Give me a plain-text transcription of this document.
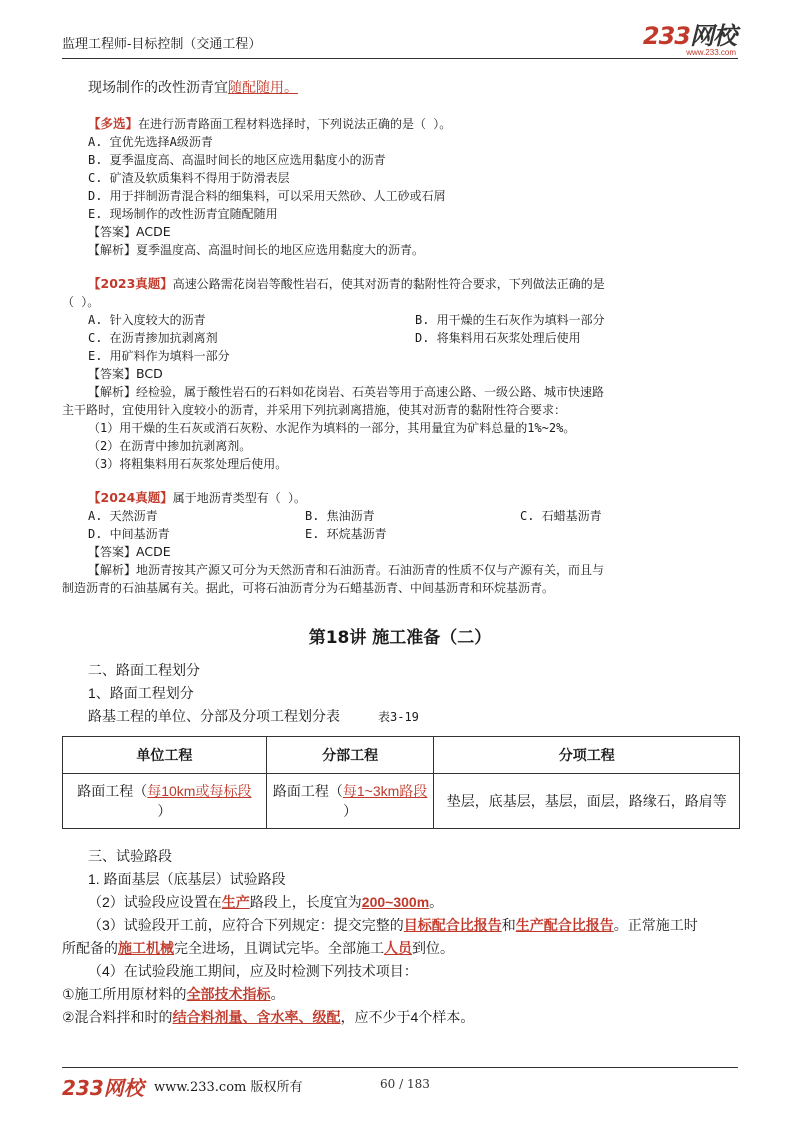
监理工程师-目标控制（交通工程）	233网校
www.233.com
现场制作的改性沥青宜随配随用。
【多选】在进行沥青路面工程材料选择时，下列说法正确的是（ ）。
A. 宜优先选择A级沥青
B. 夏季温度高、高温时间长的地区应选用黏度小的沥青
C. 矿渣及软质集料不得用于防滑表层
D. 用于拌制沥青混合料的细集料，可以采用天然砂、人工砂或石屑
E. 现场制作的改性沥青宜随配随用
【答案】ACDE
【解析】夏季温度高、高温时间长的地区应选用黏度大的沥青。
【2023真题】高速公路需花岗岩等酸性岩石，使其对沥青的黏附性符合要求，下列做法正确的是
（ ）。
A. 针入度较大的沥青	B. 用干燥的生石灰作为填料一部分
C. 在沥青掺加抗剥离剂	D. 将集料用石灰浆处理后使用
E. 用矿料作为填料一部分
【答案】BCD
【解析】经检验，属于酸性岩石的石料如花岗岩、石英岩等用于高速公路、一级公路、城市快速路
主干路时，宜使用针入度较小的沥青，并采用下列抗剥离措施，使其对沥青的黏附性符合要求：
（1）用干燥的生石灰或消石灰粉、水泥作为填料的一部分，其用量宜为矿料总量的1%~2%。
（2）在沥青中掺加抗剥离剂。
（3）将粗集料用石灰浆处理后使用。
【2024真题】属于地沥青类型有（ ）。
A. 天然沥青	B. 焦油沥青	C. 石蜡基沥青
D. 中间基沥青	E. 环烷基沥青
【答案】ACDE
【解析】地沥青按其产源又可分为天然沥青和石油沥青。石油沥青的性质不仅与产源有关，而且与
制造沥青的石油基属有关。据此，可将石油沥青分为石蜡基沥青、中间基沥青和环烷基沥青。
第18讲 施工准备（二）
二、路面工程划分
1、路面工程划分
路基工程的单位、分部及分项工程划分表	表3-19
单位工程	分部工程	分项工程
路面工程（每10km或每标段
）	路面工程（每1~3km路段
）	垫层，底基层，基层，面层，路缘石，路肩等
三、试验路段
1. 路面基层（底基层）试验路段
（2）试验段应设置在生产路段上，长度宜为200~300m。
（3）试验段开工前，应符合下列规定：提交完整的目标配合比报告和生产配合比报告。正常施工时
所配备的施工机械完全进场，且调试完毕。全部施工人员到位。
（4）在试验段施工期间，应及时检测下列技术项目：
①施工所用原材料的全部技术指标。
②混合料拌和时的结合料剂量、含水率、级配，应不少于4个样本。
233网校 www.233.com 版权所有	60 / 183
